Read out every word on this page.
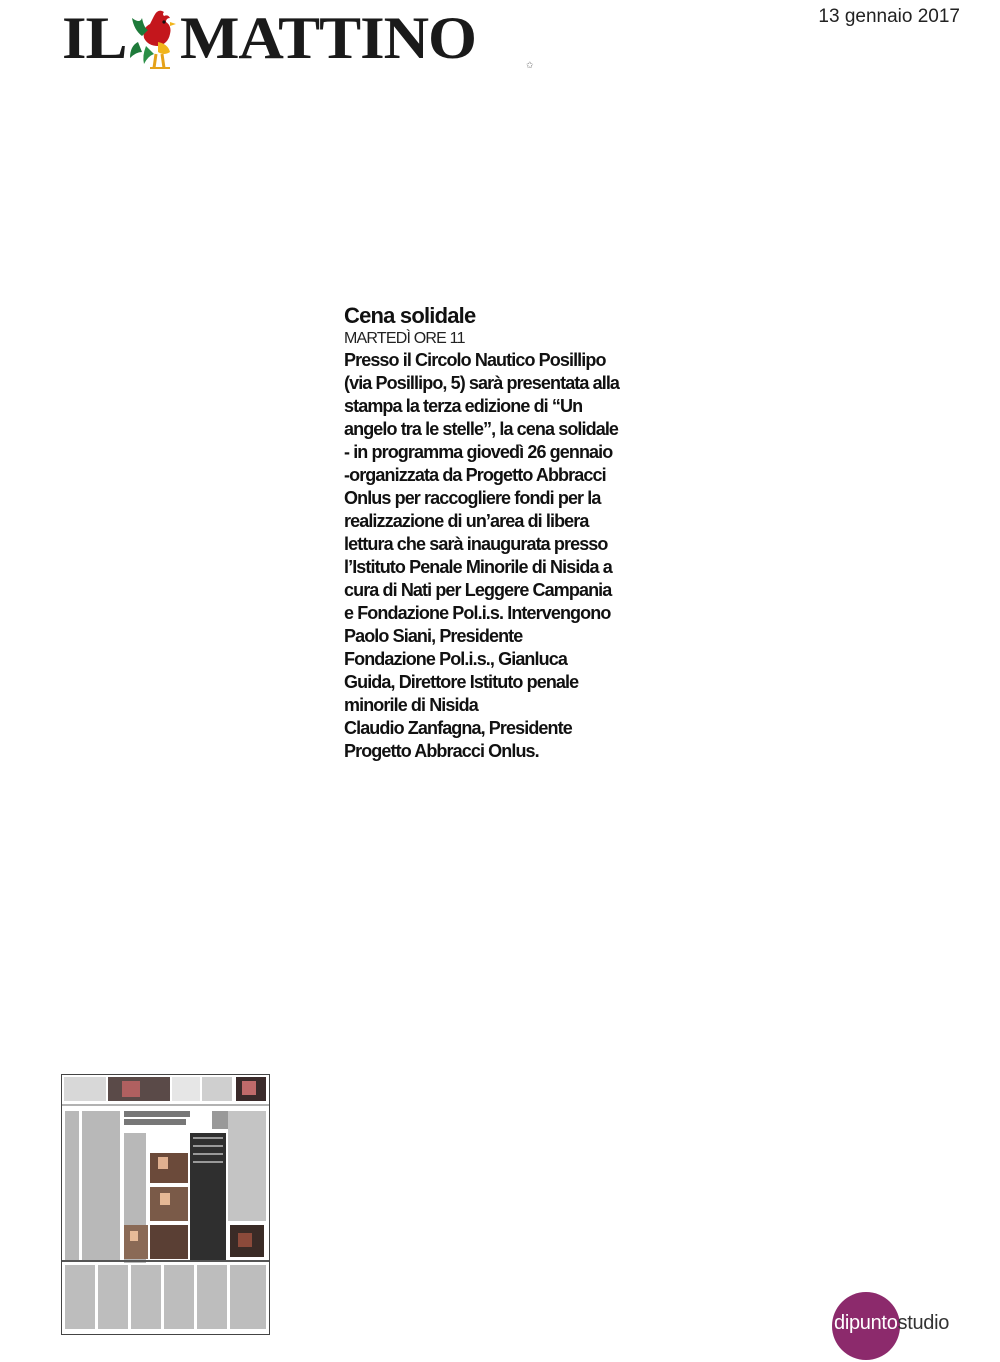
IL MATTINO	✩
13 gennaio 2017
Cena solidale
MARTEDÌ ORE 11
Presso il Circolo Nautico Posillipo
(via Posillipo, 5) sarà presentata alla
stampa la terza edizione di “Un
angelo tra le stelle”, la cena solidale
- in programma giovedì 26 gennaio
-organizzata da Progetto Abbracci
Onlus per raccogliere fondi per la
realizzazione di un’area di libera
lettura che sarà inaugurata presso
l’Istituto Penale Minorile di Nisida a
cura di Nati per Leggere Campania
e Fondazione Pol.i.s. Intervengono
Paolo Siani, Presidente
Fondazione Pol.i.s., Gianluca
Guida, Direttore Istituto penale
minorile di Nisida
Claudio Zanfagna, Presidente
Progetto Abbracci Onlus.
dipuntostudio
